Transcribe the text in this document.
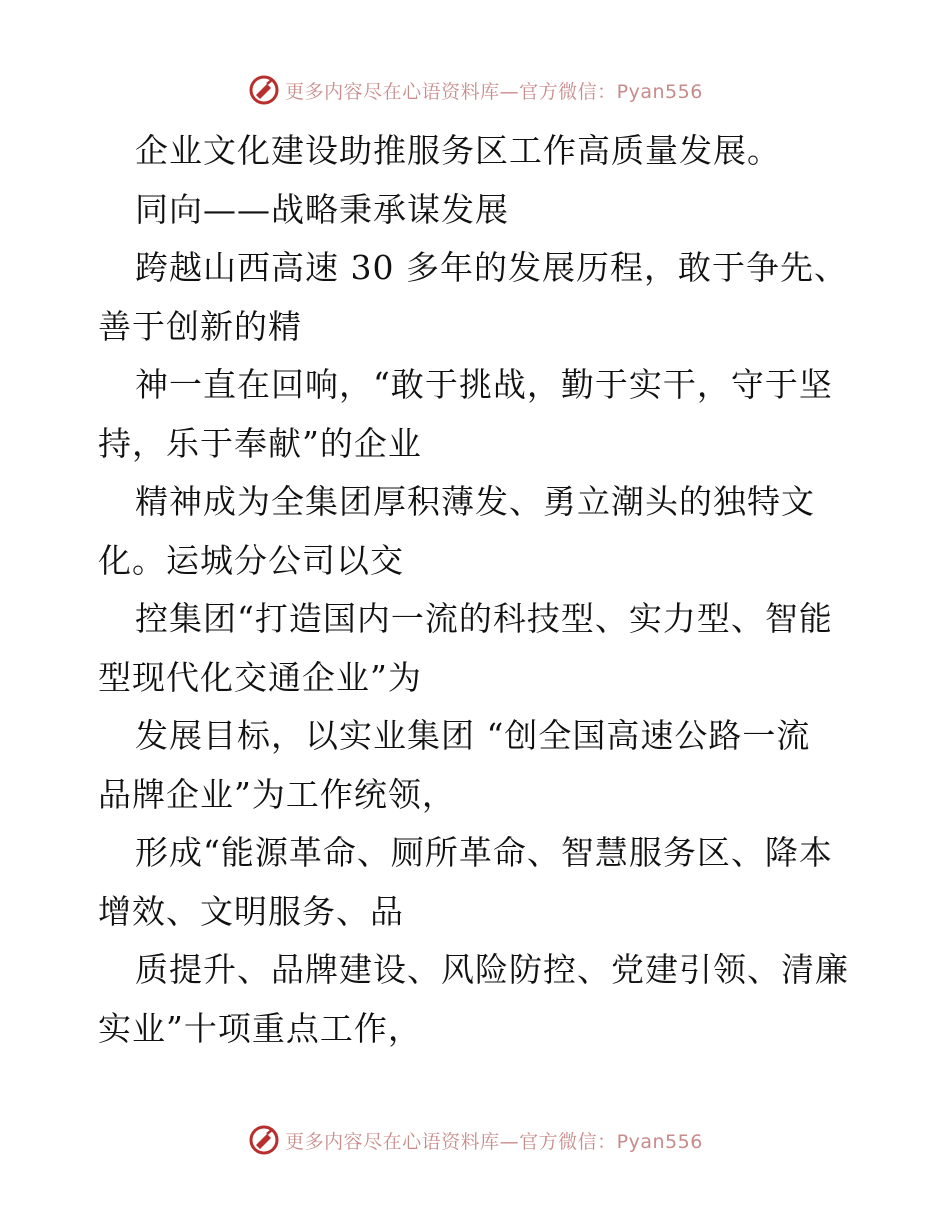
更多内容尽在心语资料库—官方微信：Pyan556
企业文化建设助推服务区工作高质量发展。
同向——战略秉承谋发展
跨越山西高速 30 多年的发展历程，敢于争先、
善于创新的精
神一直在回响，“敢于挑战，勤于实干，守于坚
持，乐于奉献”的企业
精神成为全集团厚积薄发、勇立潮头的独特文
化。运城分公司以交
控集团“打造国内一流的科技型、实力型、智能
型现代化交通企业”为
发展目标，以实业集团 “创全国高速公路一流
品牌企业”为工作统领，
形成“能源革命、厕所革命、智慧服务区、降本
增效、文明服务、品
质提升、品牌建设、风险防控、党建引领、清廉
实业”十项重点工作，
更多内容尽在心语资料库—官方微信：Pyan556
